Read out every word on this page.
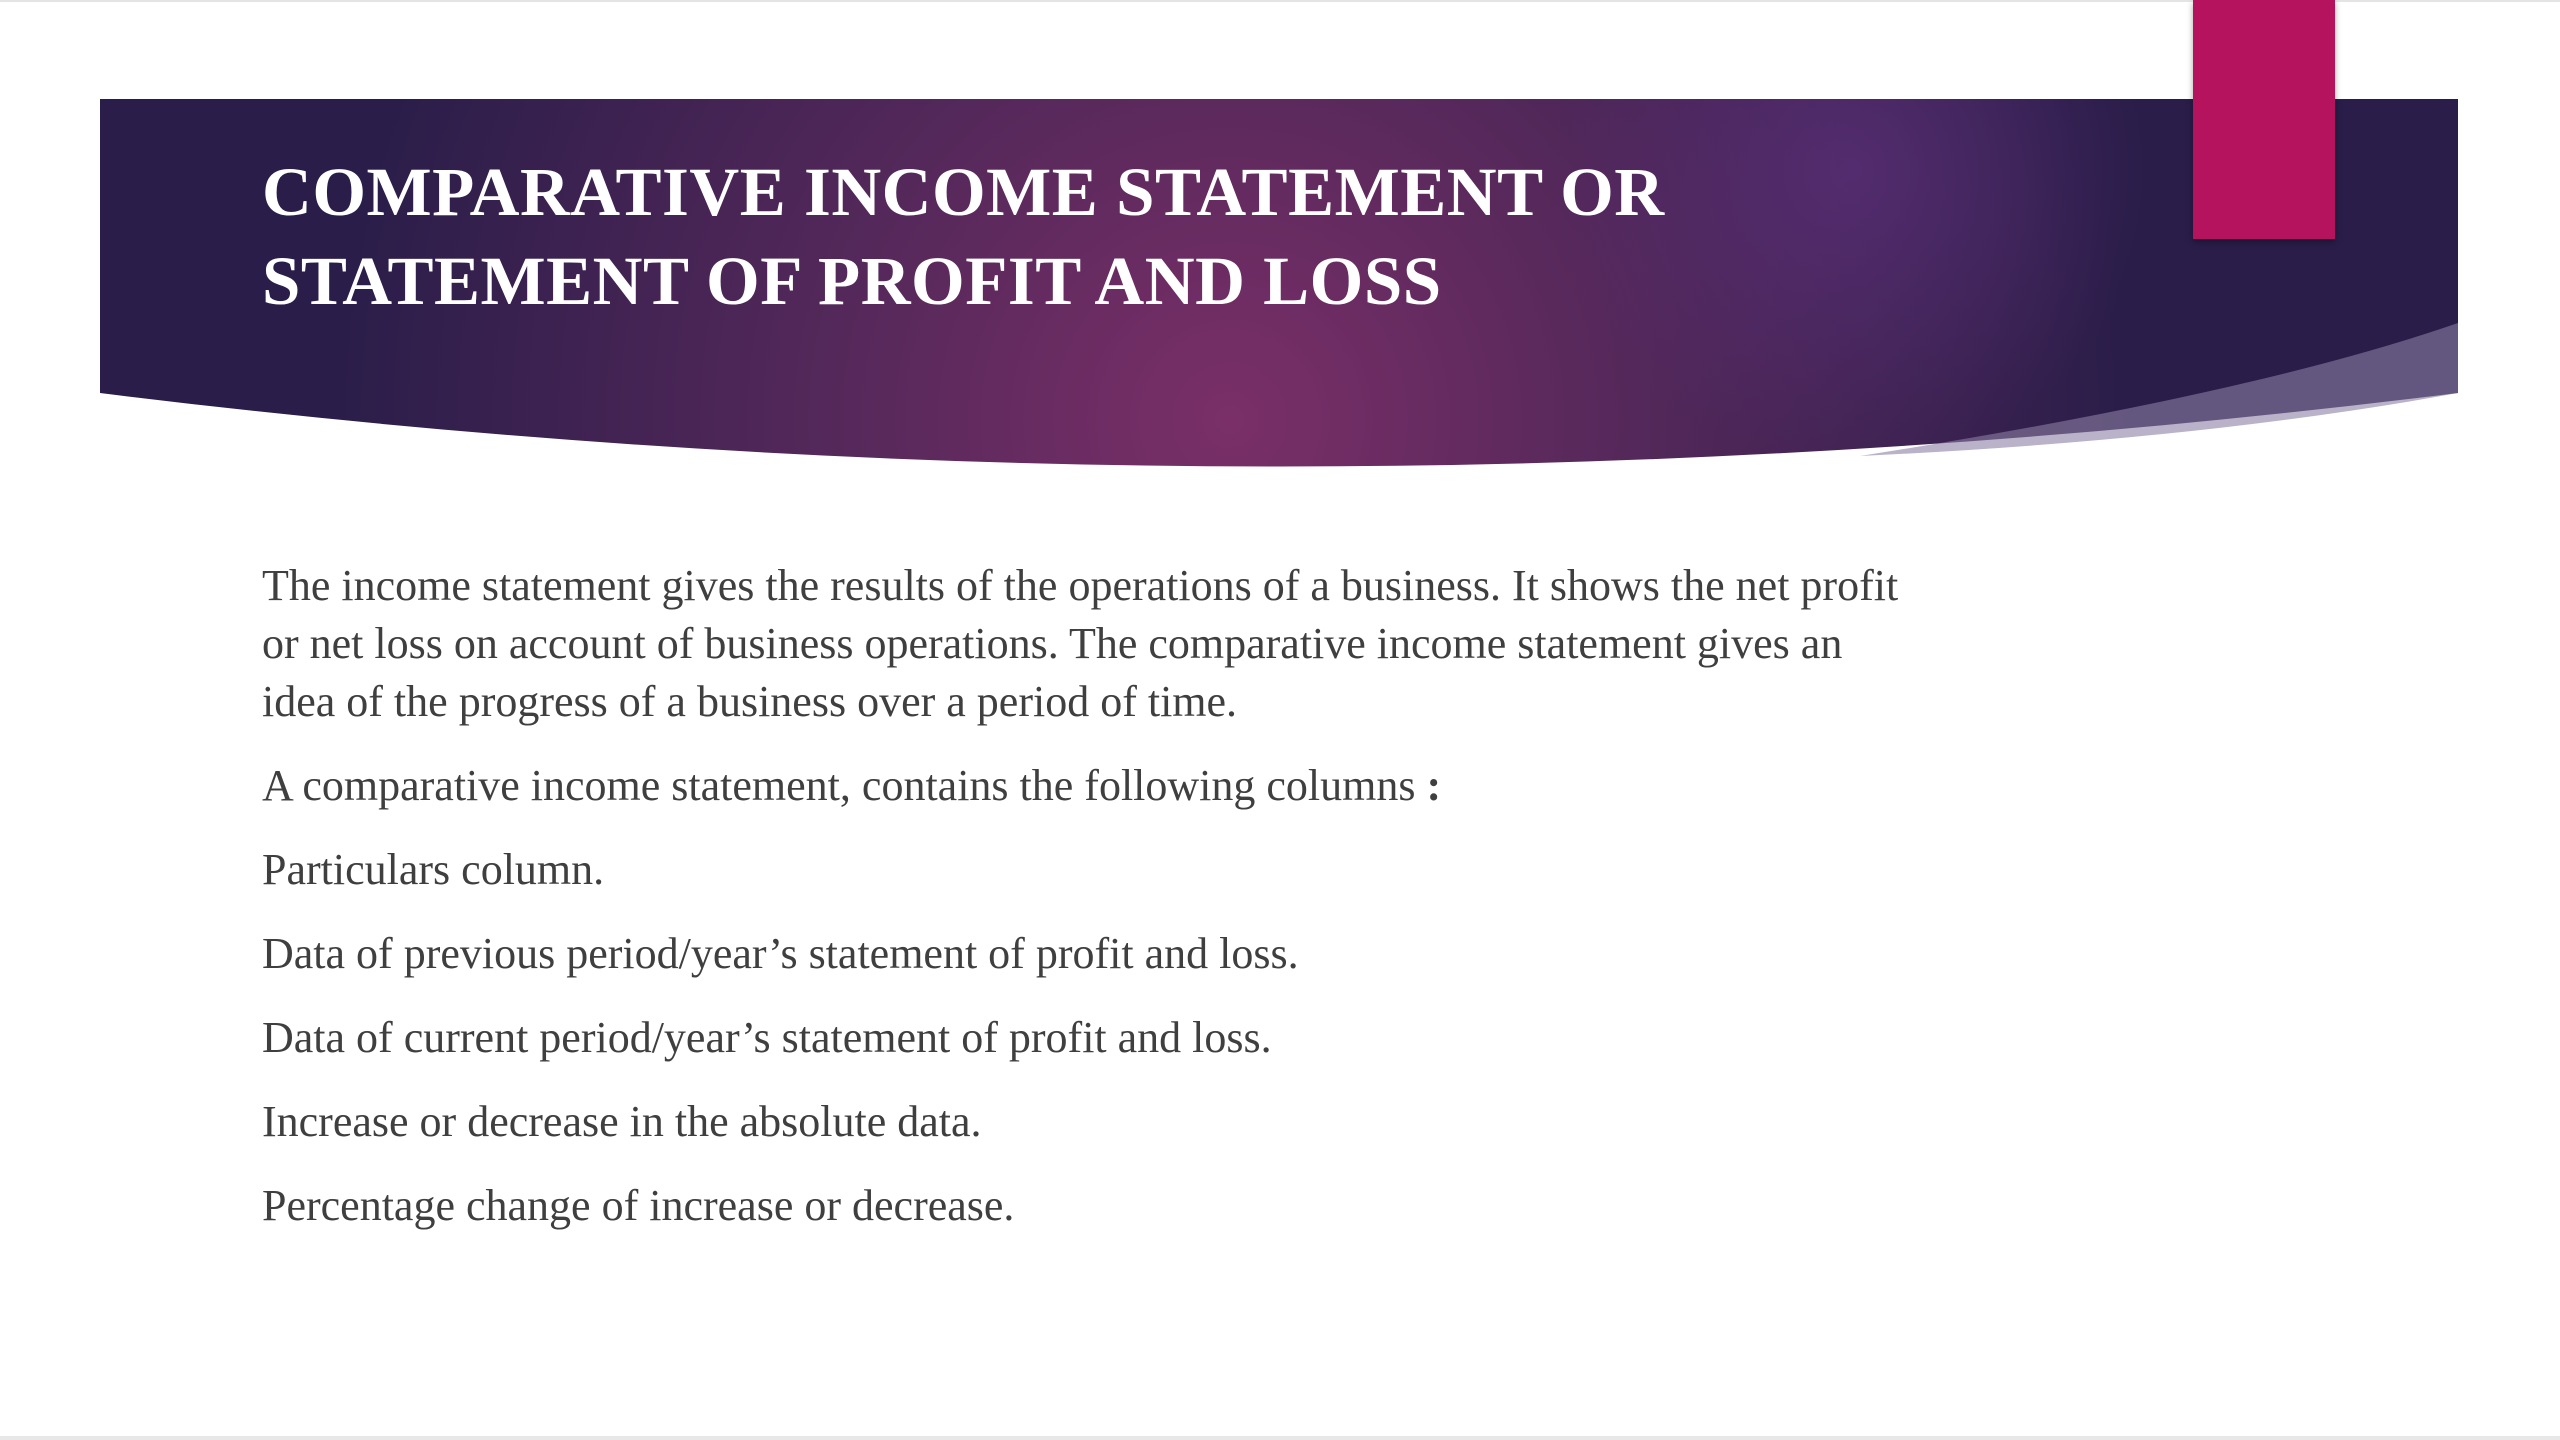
COMPARATIVE INCOME STATEMENT OR
STATEMENT OF PROFIT AND LOSS

The income statement gives the results of the operations of a business. It shows the net profit
or net loss on account of business operations. The comparative income statement gives an
idea of the progress of a business over a period of time.

A comparative income statement, contains the following columns :

Particulars column.
Data of previous period/year’s statement of profit and loss.
Data of current period/year’s statement of profit and loss.
Increase or decrease in the absolute data.
Percentage change of increase or decrease.
